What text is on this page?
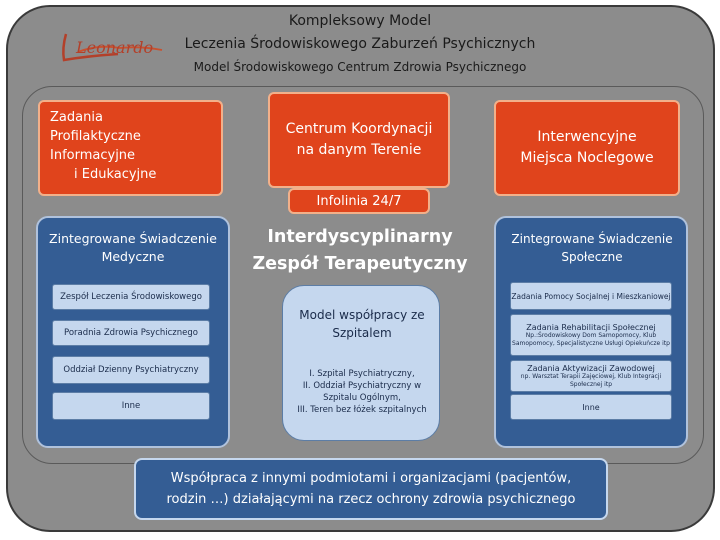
Leonardo
Kompleksowy Model
Leczenia Środowiskowego Zaburzeń Psychicznych
Model Środowiskowego Centrum Zdrowia Psychicznego
Zadania
Profilaktyczne
Informacyjne
i Edukacyjne
Centrum Koordynacji na danym Terenie
Infolinia 24/7
Interwencyjne Miejsca Noclegowe
Zintegrowane Świadczenie Medyczne
Zespół Leczenia Środowiskowego
Poradnia Zdrowia Psychicznego
Oddział Dzienny Psychiatryczny
Inne
Interdyscyplinarny Zespół Terapeutyczny
Model współpracy ze Szpitalem
I. Szpital Psychiatryczny,
II. Oddział Psychiatryczny w Szpitalu Ogólnym,
III. Teren bez łóżek szpitalnych
Zintegrowane Świadczenie Społeczne
Zadania Pomocy Socjalnej i Mieszkaniowej
Zadania Rehabilitacji Społecznej
Np.:Środowiskowy Dom Samopomocy, Klub Samopomocy, Specjalistyczne Usługi Opiekuńcze itp
Zadania Aktywizacji Zawodowej
np. Warsztat Terapii Zajęciowej, Klub Integracji Społecznej itp
Inne
Współpraca z innymi podmiotami i organizacjami (pacjentów,
rodzin …) działającymi na rzecz ochrony zdrowia psychicznego
